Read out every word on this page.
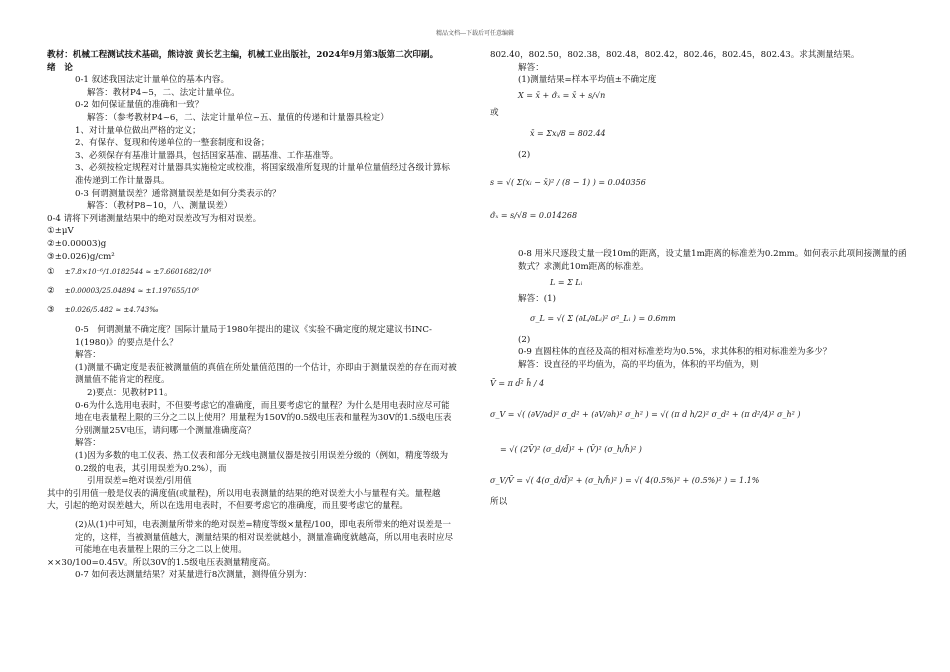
精品文档---下载后可任意编辑

教材：机械工程测试技术基础，熊诗波 黄长艺主编，机械工业出版社，2024年9月第3版第二次印刷。

绪　论

0-1 叙述我国法定计量单位的基本内容。

解答：教材P4~5，二、法定计量单位。

0-2 如何保证量值的准确和一致？

解答：（参考教材P4~6，二、法定计量单位~五、量值的传递和计量器具检定）

1、对计量单位做出严格的定义；

2、有保存、复现和传递单位的一整套制度和设备；

3、必须保存有基准计量器具，包括国家基准、副基准、工作基准等。

3、必须按检定规程对计量器具实施检定或校准，将国家级准所复现的计量单位量值经过各级计算标准传递到工作计量器具。

0-3 何谓测量误差？通常测量误差是如何分类表示的？

解答：（教材P8~10，八、测量误差）

0-4 请将下列诸测量结果中的绝对误差改写为相对误差。

①±μV

②±0.00003)g

③±0.026)g/cm²

① ±7.8×10⁻⁶/1.0182544 ≈ ±7.6601682/10⁶
② ±0.00003/25.04894 ≈ ±1.197655/10⁶
③ ±0.026/5.482 ≈ ±4.743‰

0-5　何谓测量不确定度？国际计量局于1980年提出的建议《实验不确定度的规定建议书INC-1(1980)》的要点是什么？

解答：

(1)测量不确定度是表征被测量值的真值在所处量值范围的一个估计，亦即由于测量误差的存在而对被测量值不能肯定的程度。

2)要点：见教材P11。

0-6为什么选用电表时，不但要考虑它的准确度，而且要考虑它的量程？为什么是用电表时应尽可能地在电表量程上限的三分之二以上使用？用量程为150V的0.5级电压表和量程为30V的1.5级电压表分别测量25V电压，请问哪一个测量准确度高？

解答：

(1)因为多数的电工仪表、热工仪表和部分无线电测量仪器是按引用误差分级的（例如，精度等级为0.2级的电表，其引用误差为0.2%），而

引用误差=绝对误差/引用值

其中的引用值一般是仪表的满度值(或量程)，所以用电表测量的结果的绝对误差大小与量程有关。量程越大，引起的绝对误差越大，所以在选用电表时，不但要考虑它的准确度，而且要考虑它的量程。

(2)从(1)中可知，电表测量所带来的绝对误差=精度等级×量程/100，即电表所带来的绝对误差是一定的，这样，当被测量值越大，测量结果的相对误差就越小，测量准确度就越高，所以用电表时应尽可能地在电表量程上限的三分之二以上使用。

××30/100=0.45V。所以30V的1.5级电压表测量精度高。

0-7 如何表达测量结果？对某量进行8次测量，测得值分别为：

802.40，802.50，802.38，802.48，802.42，802.46，802.45，802.43。求其测量结果。

解答：

(1)测量结果=样本平均值±不确定度

X = x̄ + σ̂ₓ = x̄ + s/√n

或

x̄ = Σxᵢ/8 = 802.44

(2)

s = √( Σ(xᵢ − x̄)² / (8 − 1) ) = 0.040356
σ̂ₓ = s/√8 = 0.014268

0-8 用米尺逐段丈量一段10m的距离，设丈量1m距离的标准差为0.2mm。如何表示此项间接测量的函数式？求测此10m距离的标准差。

L = Σ Lᵢ

解答：(1)

σ_L = √( Σ (∂L/∂Lᵢ)² σ²_Lᵢ ) = 0.6mm

(2)

0-9 直圆柱体的直径及高的相对标准差均为0.5%，求其体积的相对标准差为多少？

解答：设直径的平均值为，高的平均值为，体积的平均值为，则

V̄ = π d̄² h̄ / 4
σ_V = √( (∂V/∂d)² σ_d² + (∂V/∂h)² σ_h² ) = √( (π d h/2)² σ_d² + (π d²/4)² σ_h² )
= √( (2V̄)² (σ_d/d̄)² + (V̄)² (σ_h/h̄)² )
σ_V/V̄ = √( 4(σ_d/d̄)² + (σ_h/h̄)² ) = √( 4(0.5%)² + (0.5%)² ) = 1.1%

所以
